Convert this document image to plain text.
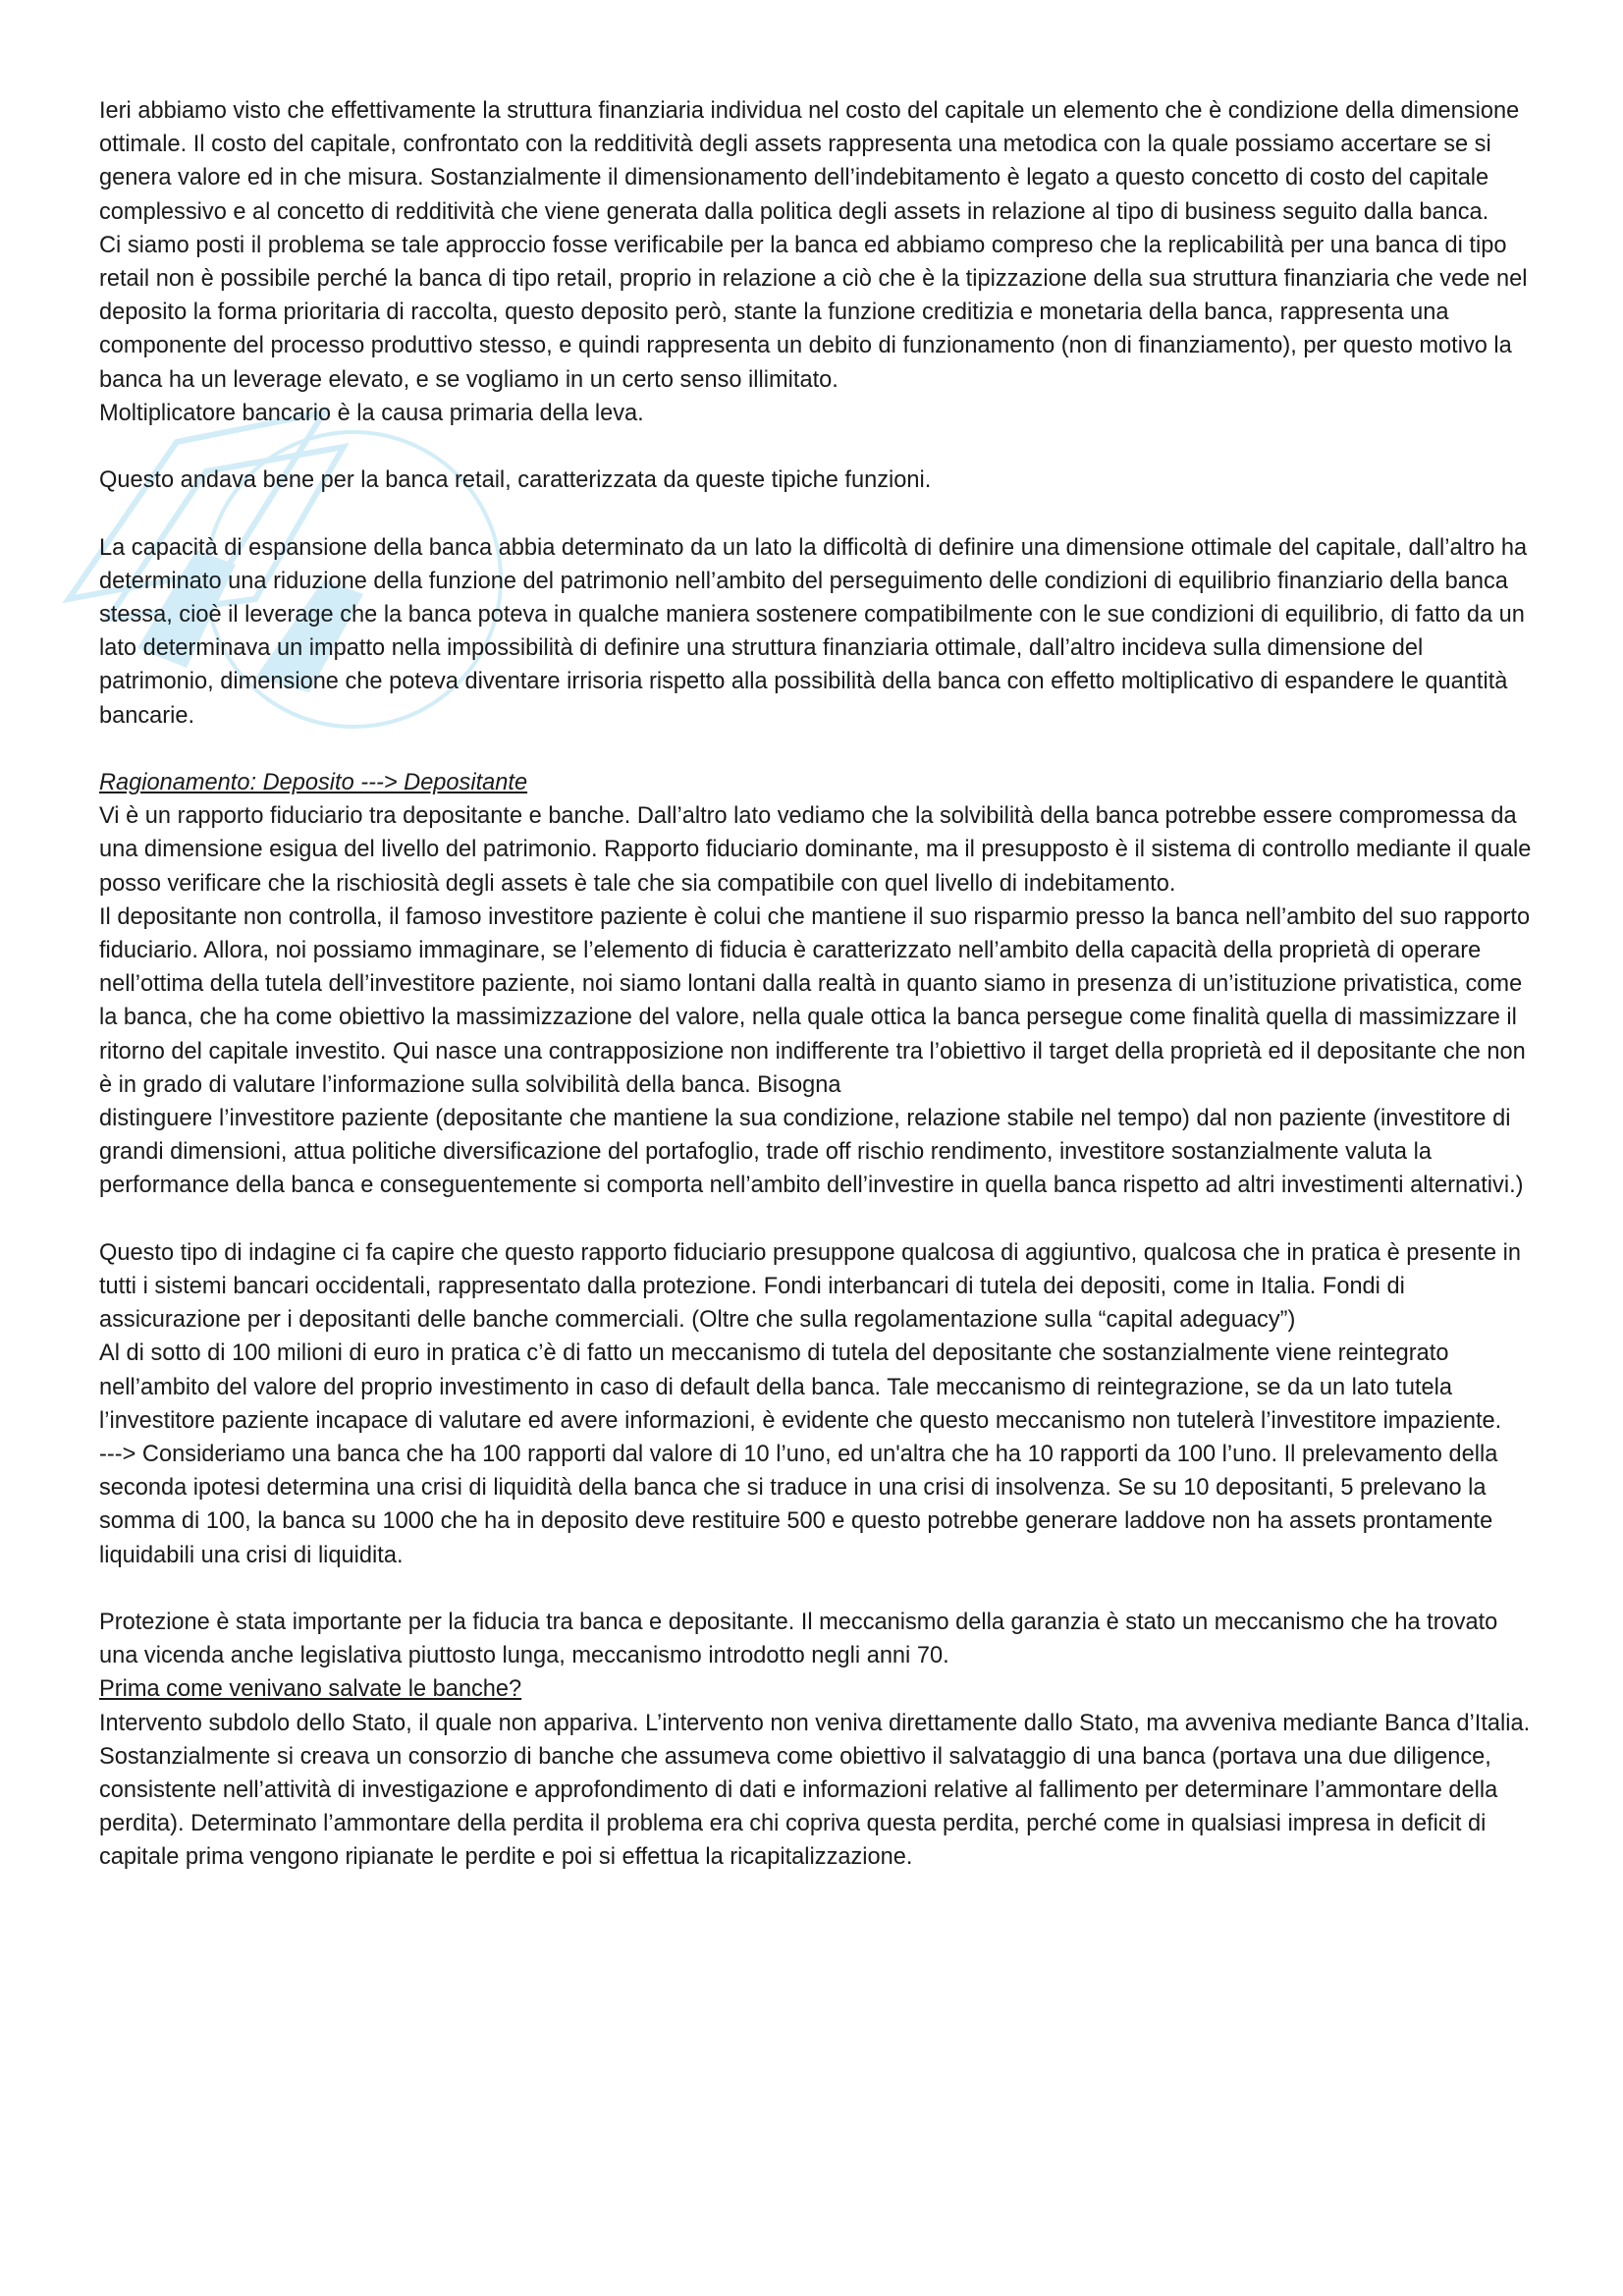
Ieri abbiamo visto che effettivamente la struttura finanziaria individua nel costo del capitale un elemento che è condizione della dimensione ottimale. Il costo del capitale, confrontato con la redditività degli assets rappresenta una metodica con la quale possiamo accertare se si genera valore ed in che misura. Sostanzialmente il dimensionamento dell’indebitamento è legato a questo concetto di costo del capitale complessivo e al concetto di redditività che viene generata dalla politica degli assets in relazione al tipo di business seguito dalla banca.

Ci siamo posti il problema se tale approccio fosse verificabile per la banca ed abbiamo compreso che la replicabilità per una banca di tipo retail non è possibile perché la banca di tipo retail, proprio in relazione a ciò che è la tipizzazione della sua struttura finanziaria che vede nel deposito la forma prioritaria di raccolta, questo deposito però, stante la funzione creditizia e monetaria della banca, rappresenta una componente del processo produttivo stesso, e quindi rappresenta un debito di funzionamento (non di finanziamento), per questo motivo la banca ha un leverage elevato, e se vogliamo in un certo senso illimitato.

Moltiplicatore bancario è la causa primaria della leva.

Questo andava bene per la banca retail, caratterizzata da queste tipiche funzioni.

La capacità di espansione della banca abbia determinato da un lato la difficoltà di definire una dimensione ottimale del capitale, dall’altro ha determinato una riduzione della funzione del patrimonio nell’ambito del perseguimento delle condizioni di equilibrio finanziario della banca stessa, cioè il leverage che la banca poteva in qualche maniera sostenere compatibilmente con le sue condizioni di equilibrio, di fatto da un lato determinava un impatto nella impossibilità di definire una struttura finanziaria ottimale, dall’altro incideva sulla dimensione del patrimonio, dimensione che poteva diventare irrisoria rispetto alla possibilità della banca con effetto moltiplicativo di espandere le quantità bancarie.

Ragionamento: Deposito ---> Depositante

Vi è un rapporto fiduciario tra depositante e banche. Dall’altro lato vediamo che la solvibilità della banca potrebbe essere compromessa da una dimensione esigua del livello del patrimonio. Rapporto fiduciario dominante, ma il presupposto è il sistema di controllo mediante il quale posso verificare che la rischiosità degli assets è tale che sia compatibile con quel livello di indebitamento.

Il depositante non controlla, il famoso investitore paziente è colui che mantiene il suo risparmio presso la banca nell’ambito del suo rapporto fiduciario. Allora, noi possiamo immaginare, se l’elemento di fiducia è caratterizzato nell’ambito della capacità della proprietà di operare nell’ottima della tutela dell’investitore paziente, noi siamo lontani dalla realtà in quanto siamo in presenza di un’istituzione privatistica, come la banca, che ha come obiettivo la massimizzazione del valore, nella quale ottica la banca persegue come finalità quella di massimizzare il ritorno del capitale investito. Qui nasce una contrapposizione non indifferente tra l’obiettivo il target della proprietà ed il depositante che non è in grado di valutare l’informazione sulla solvibilità della banca. Bisogna

distinguere l’investitore paziente (depositante che mantiene la sua condizione, relazione stabile nel tempo) dal non paziente (investitore di grandi dimensioni, attua politiche diversificazione del portafoglio, trade off rischio rendimento, investitore sostanzialmente valuta la performance della banca e conseguentemente si comporta nell’ambito dell’investire in quella banca rispetto ad altri investimenti alternativi.)

Questo tipo di indagine ci fa capire che questo rapporto fiduciario presuppone qualcosa di aggiuntivo, qualcosa che in pratica è presente in tutti i sistemi bancari occidentali, rappresentato dalla protezione. Fondi interbancari di tutela dei depositi, come in Italia. Fondi di assicurazione per i depositanti delle banche commerciali. (Oltre che sulla regolamentazione sulla “capital adeguacy”)

Al di sotto di 100 milioni di euro in pratica c’è di fatto un meccanismo di tutela del depositante che sostanzialmente viene reintegrato nell’ambito del valore del proprio investimento in caso di default della banca. Tale meccanismo di reintegrazione, se da un lato tutela l’investitore paziente incapace di valutare ed avere informazioni, è evidente che questo meccanismo non tutelerà l’investitore impaziente.

---> Consideriamo una banca che ha 100 rapporti dal valore di 10 l’uno, ed un'altra che ha 10 rapporti da 100 l’uno. Il prelevamento della seconda ipotesi determina una crisi di liquidità della banca che si traduce in una crisi di insolvenza. Se su 10 depositanti, 5 prelevano la somma di 100, la banca su 1000 che ha in deposito deve restituire 500 e questo potrebbe generare laddove non ha assets prontamente liquidabili una crisi di liquidita.

Protezione è stata importante per la fiducia tra banca e depositante. Il meccanismo della garanzia è stato un meccanismo che ha trovato una vicenda anche legislativa piuttosto lunga, meccanismo introdotto negli anni 70.

Prima come venivano salvate le banche?

Intervento subdolo dello Stato, il quale non appariva. L’intervento non veniva direttamente dallo Stato, ma avveniva mediante Banca d’Italia. Sostanzialmente si creava un consorzio di banche che assumeva come obiettivo il salvataggio di una banca (portava una due diligence, consistente nell’attività di investigazione e approfondimento di dati e informazioni relative al fallimento per determinare l’ammontare della perdita). Determinato l’ammontare della perdita il problema era chi copriva questa perdita, perché come in qualsiasi impresa in deficit di capitale prima vengono ripianate le perdite e poi si effettua la ricapitalizzazione.
